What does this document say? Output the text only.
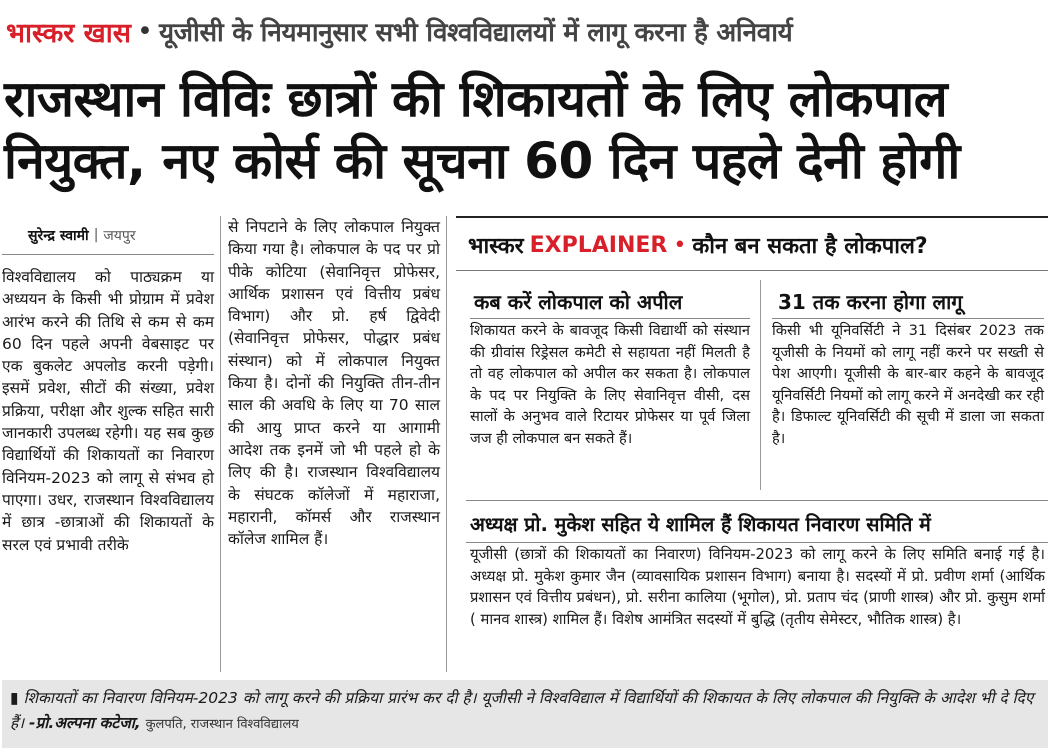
भास्कर खास • यूजीसी के नियमानुसार सभी विश्वविद्यालयों में लागू करना है अनिवार्य
राजस्थान विविः छात्रों की शिकायतों के लिए लोकपाल
नियुक्त, नए कोर्स की सूचना 60 दिन पहले देनी होगी
सुरेन्द्र स्वामी | जयपुर
विश्वविद्यालय को पाठ्यक्रम या अध्ययन के किसी भी प्रोग्राम में प्रवेश आरंभ करने की तिथि से कम से कम 60 दिन पहले अपनी वेबसाइट पर एक बुकलेट अपलोड करनी पड़ेगी। इसमें प्रवेश, सीटों की संख्या, प्रवेश प्रक्रिया, परीक्षा और शुल्क सहित सारी जानकारी उपलब्ध रहेगी। यह सब कुछ विद्यार्थियों की शिकायतों का निवारण विनियम-2023 को लागू से संभव हो पाएगा। उधर, राजस्थान विश्वविद्यालय में छात्र -छात्राओं की शिकायतों के सरल एवं प्रभावी तरीके
से निपटाने के लिए लोकपाल नियुक्त किया गया है। लोकपाल के पद पर प्रो पीके कोटिया (सेवानिवृत्त प्रोफेसर, आर्थिक प्रशासन एवं वित्तीय प्रबंध विभाग) और प्रो. हर्ष द्विवेदी (सेवानिवृत्त प्रोफेसर, पोद्धार प्रबंध संस्थान) को में लोकपाल नियुक्त किया है। दोनों की नियुक्ति तीन-तीन साल की अवधि के लिए या 70 साल की आयु प्राप्त करने या आगामी आदेश तक इनमें जो भी पहले हो के लिए की है। राजस्थान विश्वविद्यालय के संघटक कॉलेजों में महाराजा, महारानी, कॉमर्स और राजस्थान कॉलेज शामिल हैं।
भास्कर EXPLAINER • कौन बन सकता है लोकपाल?
कब करें लोकपाल को अपील
शिकायत करने के बावजूद किसी विद्यार्थी को संस्थान की ग्रीवांस रिड्रेसल कमेटी से सहायता नहीं मिलती है तो वह लोकपाल को अपील कर सकता है। लोकपाल के पद पर नियुक्ति के लिए सेवानिवृत्त वीसी, दस सालों के अनुभव वाले रिटायर प्रोफेसर या पूर्व जिला जज ही लोकपाल बन सकते हैं।
31 तक करना होगा लागू
किसी भी यूनिवर्सिटी ने 31 दिसंबर 2023 तक यूजीसी के नियमों को लागू नहीं करने पर सख्ती से पेश आएगी। यूजीसी के बार-बार कहने के बावजूद यूनिवर्सिटी नियमों को लागू करने में अनदेखी कर रही है। डिफाल्ट यूनिवर्सिटी की सूची में डाला जा सकता है।
अध्यक्ष प्रो. मुकेश सहित ये शामिल हैं शिकायत निवारण समिति में
यूजीसी (छात्रों की शिकायतों का निवारण) विनियम-2023 को लागू करने के लिए समिति बनाई गई है। अध्यक्ष प्रो. मुकेश कुमार जैन (व्यावसायिक प्रशासन विभाग) बनाया है। सदस्यों में प्रो. प्रवीण शर्मा (आर्थिक प्रशासन एवं वित्तीय प्रबंधन), प्रो. सरीना कालिया (भूगोल), प्रो. प्रताप चंद (प्राणी शास्त्र) और प्रो. कुसुम शर्मा ( मानव शास्त्र) शामिल हैं। विशेष आमंत्रित सदस्यों में बुद्धि (तृतीय सेमेस्टर, भौतिक शास्त्र) है।
▮ शिकायतों का निवारण विनियम-2023 को लागू करने की प्रक्रिया प्रारंभ कर दी है। यूजीसी ने विश्वविद्याल में विद्यार्थियों की शिकायत के लिए लोकपाल की नियुक्ति के आदेश भी दे दिए हैं। -प्रो.अल्पना कटेजा, कुलपति, राजस्थान विश्वविद्यालय
